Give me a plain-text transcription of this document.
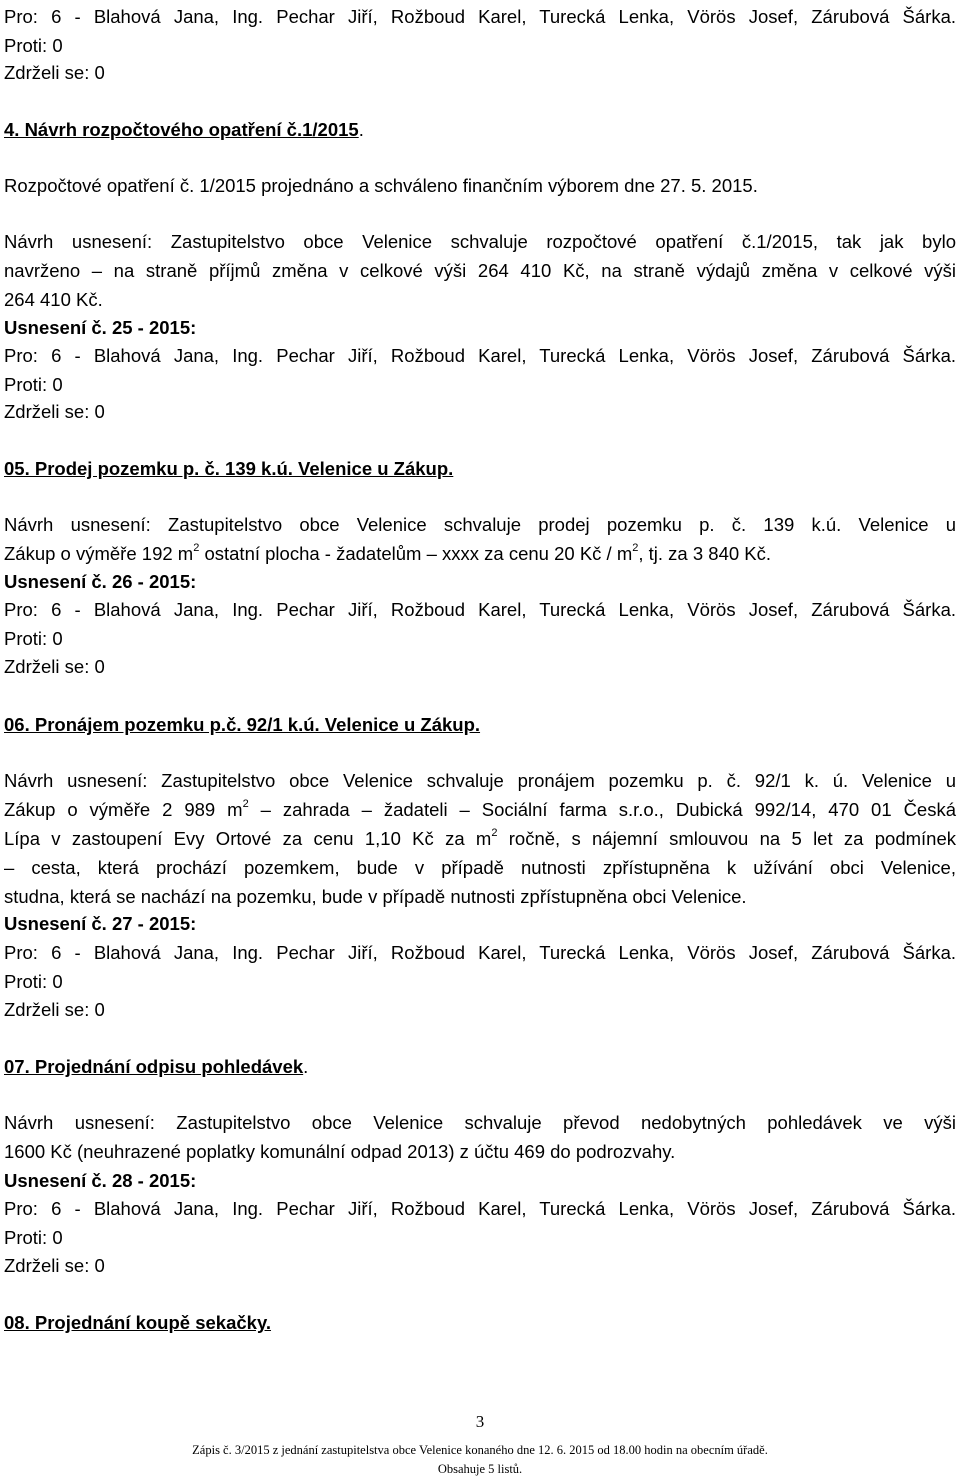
Pro: 6 - Blahová Jana, Ing. Pechar Jiří, Rožboud Karel, Turecká Lenka, Vörös Josef, Zárubová Šárka.
Proti: 0
Zdrželi se: 0
4. Návrh rozpočtového opatření č.1/2015.
Rozpočtové opatření č. 1/2015 projednáno a schváleno finančním výborem dne 27. 5. 2015.
Návrh usnesení: Zastupitelstvo obce Velenice schvaluje rozpočtové opatření č.1/2015, tak jak bylo
navrženo – na straně příjmů změna v celkové výši 264 410 Kč, na straně výdajů změna v celkové výši
264 410 Kč.
Usnesení č. 25 - 2015:
Pro: 6 - Blahová Jana, Ing. Pechar Jiří, Rožboud Karel, Turecká Lenka, Vörös Josef, Zárubová Šárka.
Proti: 0
Zdrželi se: 0
05. Prodej pozemku p. č. 139 k.ú. Velenice u Zákup.
Návrh usnesení: Zastupitelstvo obce Velenice schvaluje prodej pozemku p. č. 139 k.ú. Velenice u
Zákup o výměře 192 $m^2$ ostatní plocha - žadatelům – xxxx za cenu 20 Kč / $m^2$, tj. za 3 840 Kč.
Usnesení č. 26 - 2015:
Pro: 6 - Blahová Jana, Ing. Pechar Jiří, Rožboud Karel, Turecká Lenka, Vörös Josef, Zárubová Šárka.
Proti: 0
Zdrželi se: 0
06. Pronájem pozemku p.č. 92/1 k.ú. Velenice u Zákup.
Návrh usnesení: Zastupitelstvo obce Velenice schvaluje pronájem pozemku p. č. 92/1 k. ú. Velenice u
Zákup o výměře 2 989 $m^2$ – zahrada – žadateli – Sociální farma s.r.o., Dubická 992/14, 470 01 Česká
Lípa v zastoupení Evy Ortové za cenu 1,10 Kč za $m^2$ ročně, s nájemní smlouvou na 5 let za podmínek
– cesta, která prochází pozemkem, bude v případě nutnosti zpřístupněna k užívání obci Velenice,
studna, která se nachází na pozemku, bude v případě nutnosti zpřístupněna obci Velenice.
Usnesení č. 27 - 2015:
Pro: 6 - Blahová Jana, Ing. Pechar Jiří, Rožboud Karel, Turecká Lenka, Vörös Josef, Zárubová Šárka.
Proti: 0
Zdrželi se: 0
07. Projednání odpisu pohledávek.
Návrh usnesení: Zastupitelstvo obce Velenice schvaluje převod nedobytných pohledávek ve výši
1600 Kč (neuhrazené poplatky komunální odpad 2013) z účtu 469 do podrozvahy.
Usnesení č. 28 - 2015:
Pro: 6 - Blahová Jana, Ing. Pechar Jiří, Rožboud Karel, Turecká Lenka, Vörös Josef, Zárubová Šárka.
Proti: 0
Zdrželi se: 0
08. Projednání koupě sekačky.
3
Zápis č. 3/2015 z jednání zastupitelstva obce Velenice konaného dne 12. 6. 2015 od 18.00 hodin na obecním úřadě.
Obsahuje 5 listů.
